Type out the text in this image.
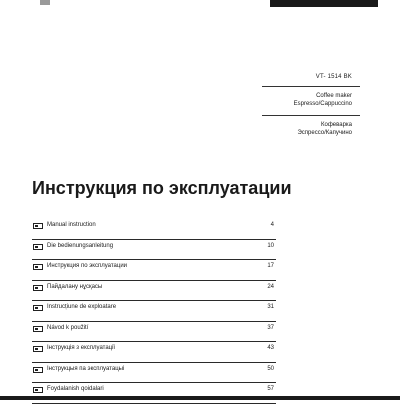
VT- 1514 BK
Coffee maker
Espresso/Cappuccino
Кофеварка
Эспрессо/Капучино
Инструкция по эксплуатации
Manual instruction	4
Die bedienungsanleitung	10
Инструкция по эксплуатации	17
Пайдалану нұсқасы	24
Instrucțiune de exploatare	31
Návod k použití	37
Інструкція з експлуатації	43
Інструкцыя па эксплуатацыі	50
Foydalanish qoidalari	57
